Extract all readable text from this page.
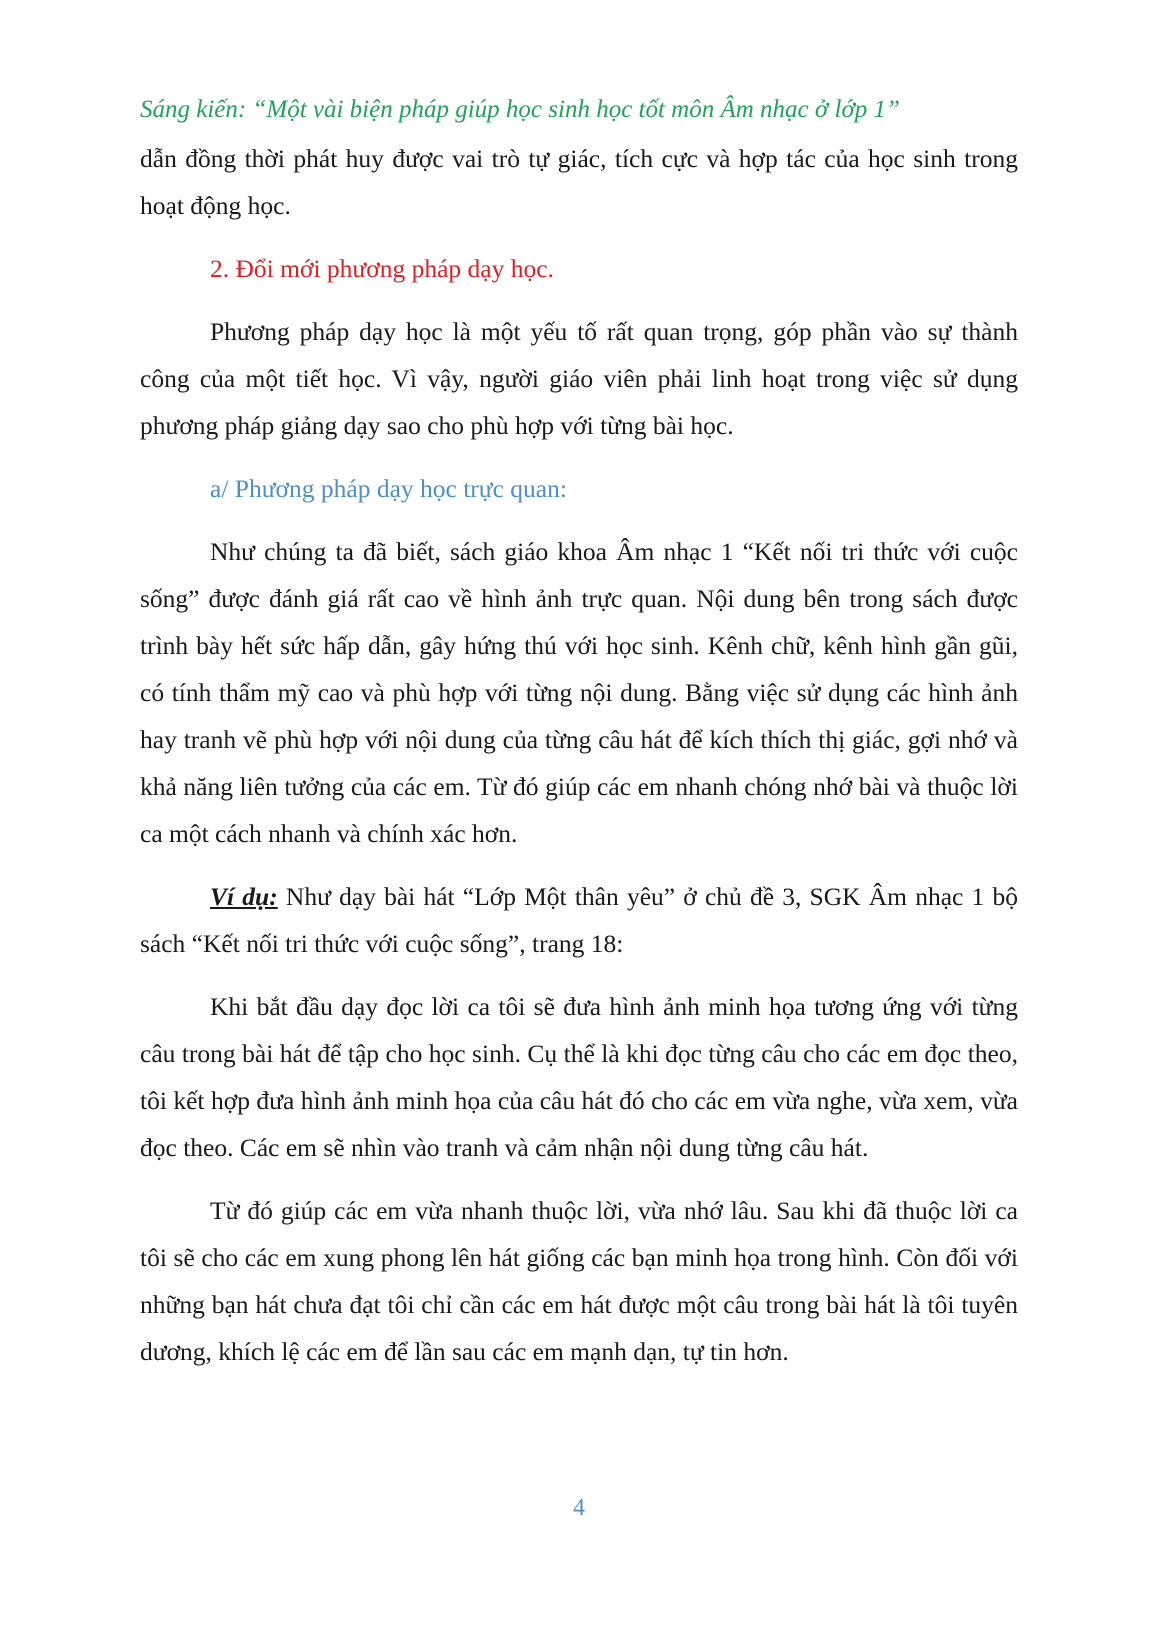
Sáng kiến: “Một vài biện pháp giúp học sinh học tốt môn Âm nhạc ở lớp 1”

dẫn đồng thời phát huy được vai trò tự giác, tích cực và hợp tác của học sinh trong hoạt động học.

2. Đổi mới phương pháp dạy học.

Phương pháp dạy học là một yếu tố rất quan trọng, góp phần vào sự thành công của một tiết học. Vì vậy, người giáo viên phải linh hoạt trong việc sử dụng phương pháp giảng dạy sao cho phù hợp với từng bài học.

a/ Phương pháp dạy học trực quan:

Như chúng ta đã biết, sách giáo khoa Âm nhạc 1 “Kết nối tri thức với cuộc sống” được đánh giá rất cao về hình ảnh trực quan. Nội dung bên trong sách được trình bày hết sức hấp dẫn, gây hứng thú với học sinh. Kênh chữ, kênh hình gần gũi, có tính thẩm mỹ cao và phù hợp với từng nội dung. Bằng việc sử dụng các hình ảnh hay tranh vẽ phù hợp với nội dung của từng câu hát để kích thích thị giác, gợi nhớ và khả năng liên tưởng của các em. Từ đó giúp các em nhanh chóng nhớ bài và thuộc lời ca một cách nhanh và chính xác hơn.

Ví dụ: Như dạy bài hát “Lớp Một thân yêu” ở chủ đề 3, SGK Âm nhạc 1 bộ sách “Kết nối tri thức với cuộc sống”, trang 18:

Khi bắt đầu dạy đọc lời ca tôi sẽ đưa hình ảnh minh họa tương ứng với từng câu trong bài hát để tập cho học sinh. Cụ thể là khi đọc từng câu cho các em đọc theo, tôi kết hợp đưa hình ảnh minh họa của câu hát đó cho các em vừa nghe, vừa xem, vừa đọc theo. Các em sẽ nhìn vào tranh và cảm nhận nội dung từng câu hát.

Từ đó giúp các em vừa nhanh thuộc lời, vừa nhớ lâu. Sau khi đã thuộc lời ca tôi sẽ cho các em xung phong lên hát giống các bạn minh họa trong hình. Còn đối với những bạn hát chưa đạt tôi chỉ cần các em hát được một câu trong bài hát là tôi tuyên dương, khích lệ các em để lần sau các em mạnh dạn, tự tin hơn.

4
